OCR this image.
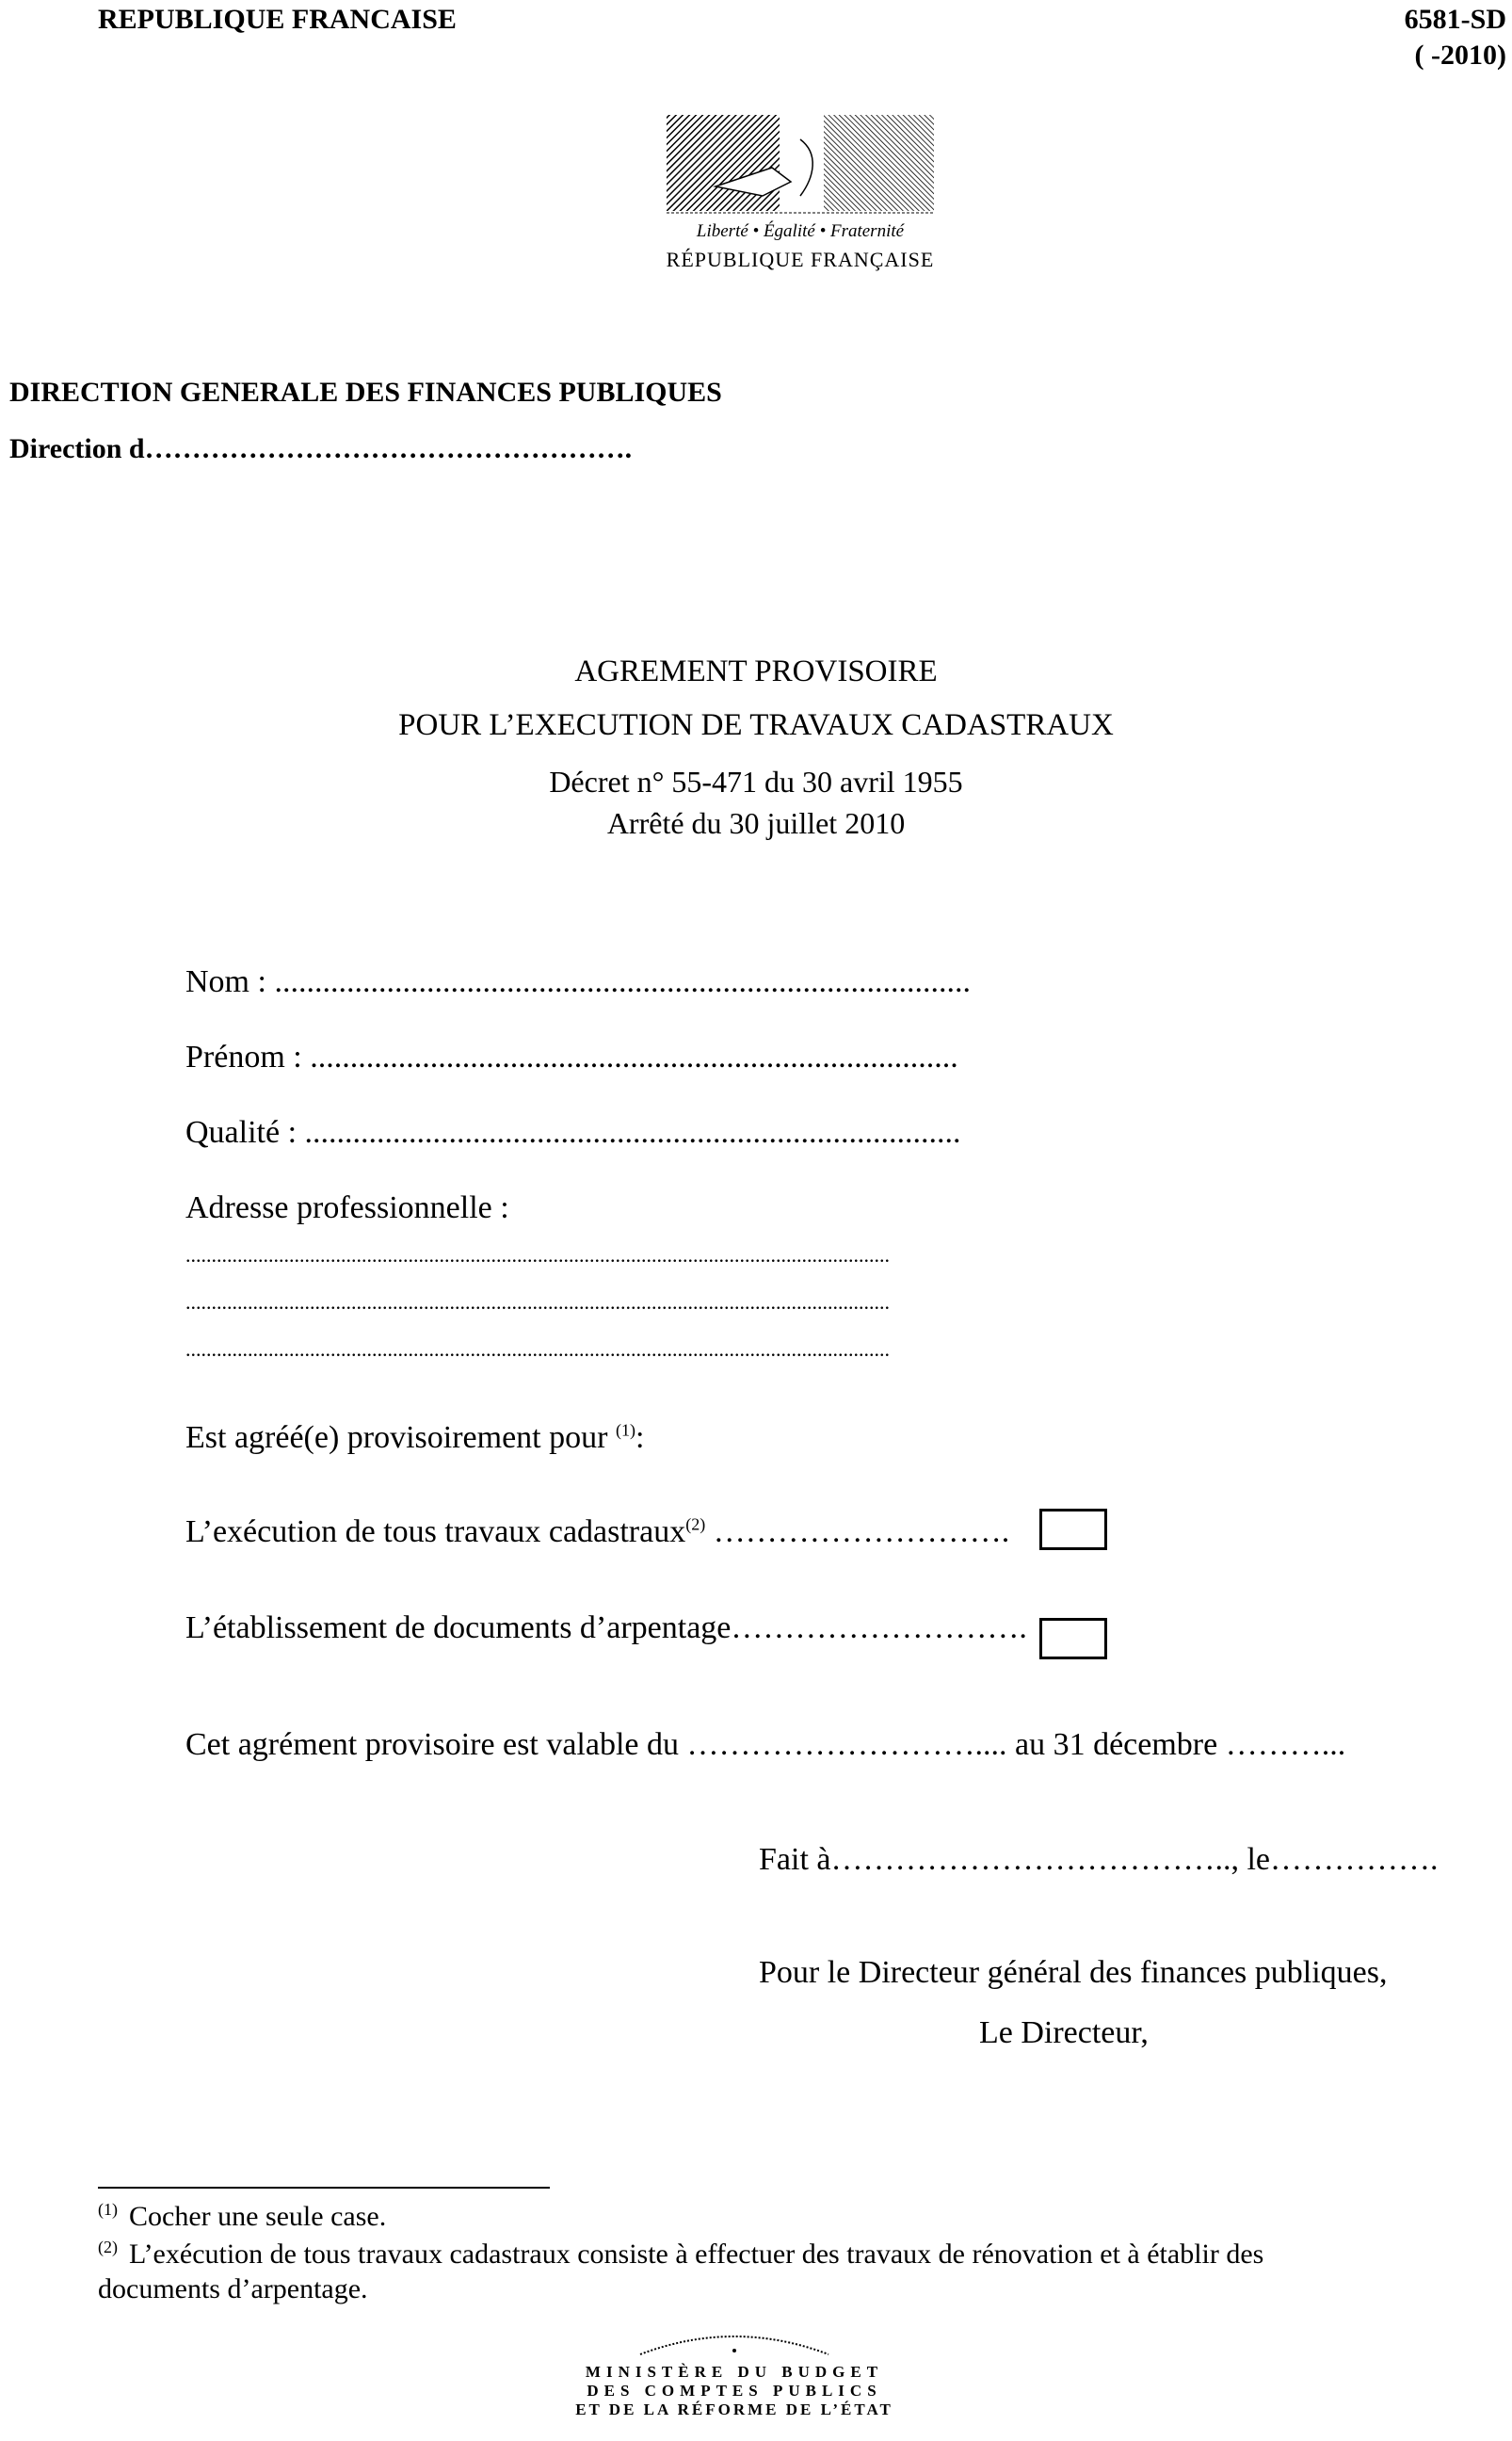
REPUBLIQUE FRANCAISE	6581-SD
( -2010)
Liberté • Égalité • Fraternité
RÉPUBLIQUE FRANÇAISE
DIRECTION GENERALE DES FINANCES PUBLIQUES
Direction d…………………………………………….
AGREMENT PROVISOIRE
POUR L’EXECUTION DE TRAVAUX CADASTRAUX
Décret n° 55-471 du 30 avril 1955
Arrêté du 30 juillet 2010
Nom : .......................................................................................
Prénom : .................................................................................
Qualité : ..................................................................................
Adresse professionnelle :
........................................................................................................................................
........................................................................................................................................
........................................................................................................................................
Est agréé(e) provisoirement pour $^{(1)}$:
L’exécution de tous travaux cadastraux$^{(2)}$ ……………………….
L’établissement de documents d’arpentage……………………….
Cet agrément provisoire est valable du ……………………….... au 31 décembre ………...
Fait à……………………………….., le…………….
Pour le Directeur général des finances publiques,
Le Directeur,
$^{(1)}$ Cocher une seule case.
$^{(2)}$ L’exécution de tous travaux cadastraux consiste à effectuer des travaux de rénovation et à établir des
documents d’arpentage.
MINISTÈRE DU BUDGET
DES COMPTES PUBLICS
ET DE LA RÉFORME DE L’ÉTAT
